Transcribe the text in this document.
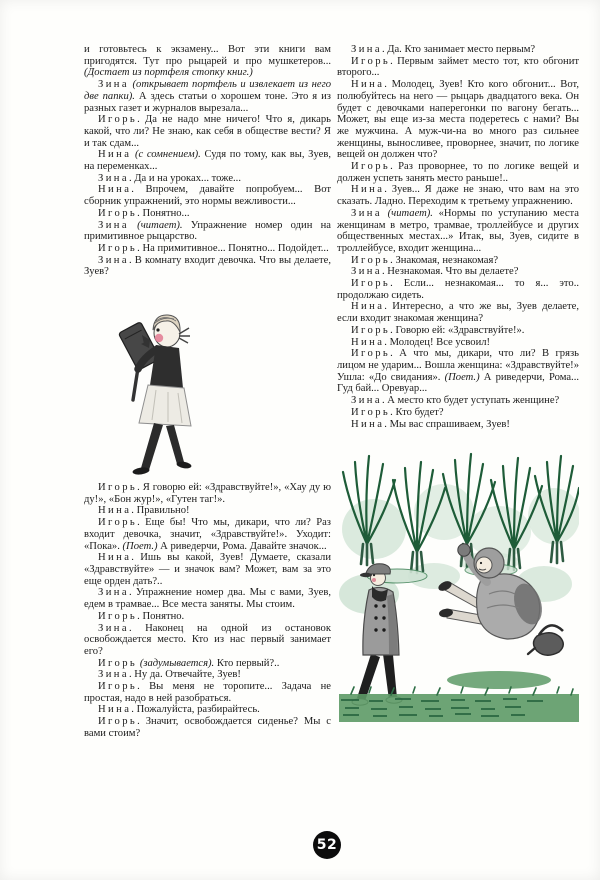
и готовьтесь к экзамену... Вот эти книги вам пригодятся. Тут про рыцарей и про мушкетеров... (Достает из портфеля стопку книг.)

Зина (открывает портфель и извлекает из него две папки). А здесь статьи о хорошем тоне. Это я из разных газет и журналов вырезала...

Игорь. Да не надо мне ничего! Что я, дикарь какой, что ли? Не знаю, как себя в обществе вести? Я и так сдам...

Нина (с сомнением). Судя по тому, как вы, Зуев, на переменках...

Зина. Да и на уроках... тоже...

Нина. Впрочем, давайте попробуем... Вот сборник упражнений, это нормы вежливости...

Игорь. Понятно...

Зина (читает). Упражнение номер один на примитивное рыцарство.

Игорь. На примитивное... Понятно... Подойдет...

Зина. В комнату входит девочка. Что вы делаете, Зуев?

Игорь. Я говорю ей: «Здравствуйте!», «Хау ду ю ду!», «Бон жур!», «Гутен таг!».

Нина. Правильно!

Игорь. Еще бы! Что мы, дикари, что ли? Раз входит девочка, значит, «Здравствуйте!». Уходит: «Пока». (Поет.) А риведерчи, Рома. Давайте значок...

Нина. Ишь вы какой, Зуев! Думаете, сказали «Здравствуйте» — и значок вам? Может, вам за это еще орден дать?..

Зина. Упражнение номер два. Мы с вами, Зуев, едем в трамвае... Все места заняты. Мы стоим.

Игорь. Понятно.

Зина. Наконец на одной из остановок освобождается место. Кто из нас первый занимает его?

Игорь (задумывается). Кто первый?..

Зина. Ну да. Отвечайте, Зуев!

Игорь. Вы меня не торопите... Задача не простая, надо в ней разобраться.

Нина. Пожалуйста, разбирайтесь.

Игорь. Значит, освобождается сиденье? Мы с вами стоим?

Зина. Да. Кто занимает место первым?

Игорь. Первым займет место тот, кто обгонит второго...

Нина. Молодец, Зуев! Кто кого обгонит... Вот, полюбуйтесь на него — рыцарь двадцатого века. Он будет с девочками наперегонки по вагону бегать... Может, вы еще из-за места подеретесь с нами? Вы же мужчина. А муж-чи-на во много раз сильнее женщины, выносливее, проворнее, значит, по логике вещей он должен что?

Игорь. Раз проворнее, то по логике вещей и должен успеть занять место раньше!..

Нина. Зуев... Я даже не знаю, что вам на это сказать. Ладно. Переходим к третьему упражнению.

Зина (читает). «Нормы по уступанию места женщинам в метро, трамвае, троллейбусе и других общественных местах...» Итак, вы, Зуев, сидите в троллейбусе, входит женщина...

Игорь. Знакомая, незнакомая?

Зина. Незнакомая. Что вы делаете?

Игорь. Если... незнакомая... то я... это.. продолжаю сидеть.

Нина. Интересно, а что же вы, Зуев делаете, если входит знакомая женщина?

Игорь. Говорю ей: «Здравствуйте!».

Нина. Молодец! Все усвоил!

Игорь. А что мы, дикари, что ли? В грязь лицом не ударим... Вошла женщина: «Здравствуйте!» Ушла: «До свидания». (Поет.) А риведерчи, Рома... Гуд бай... Оревуар...

Зина. А место кто будет уступать женщине?

Игорь. Кто будет?

Нина. Мы вас спрашиваем, Зуев!

52
